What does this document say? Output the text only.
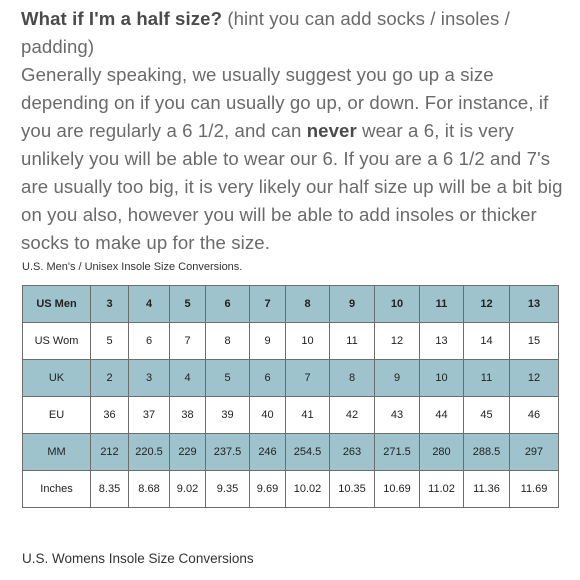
What if I'm a half size? (hint you can add socks / insoles / padding)

Generally speaking, we usually suggest you go up a size depending on if you can usually go up, or down. For instance, if you are regularly a 6 1/2, and can never wear a 6, it is very unlikely you will be able to wear our 6. If you are a 6 1/2 and 7's are usually too big, it is very likely our half size up will be a bit big on you also, however you will be able to add insoles or thicker socks to make up for the size.

U.S. Men's / Unisex Insole Size Conversions.
US Men	3	4	5	6	7	8	9	10	11	12	13
US Wom	5	6	7	8	9	10	11	12	13	14	15
UK	2	3	4	5	6	7	8	9	10	11	12
EU	36	37	38	39	40	41	42	43	44	45	46
MM	212	220.5	229	237.5	246	254.5	263	271.5	280	288.5	297
Inches	8.35	8.68	9.02	9.35	9.69	10.02	10.35	10.69	11.02	11.36	11.69
U.S. Womens Insole Size Conversions
